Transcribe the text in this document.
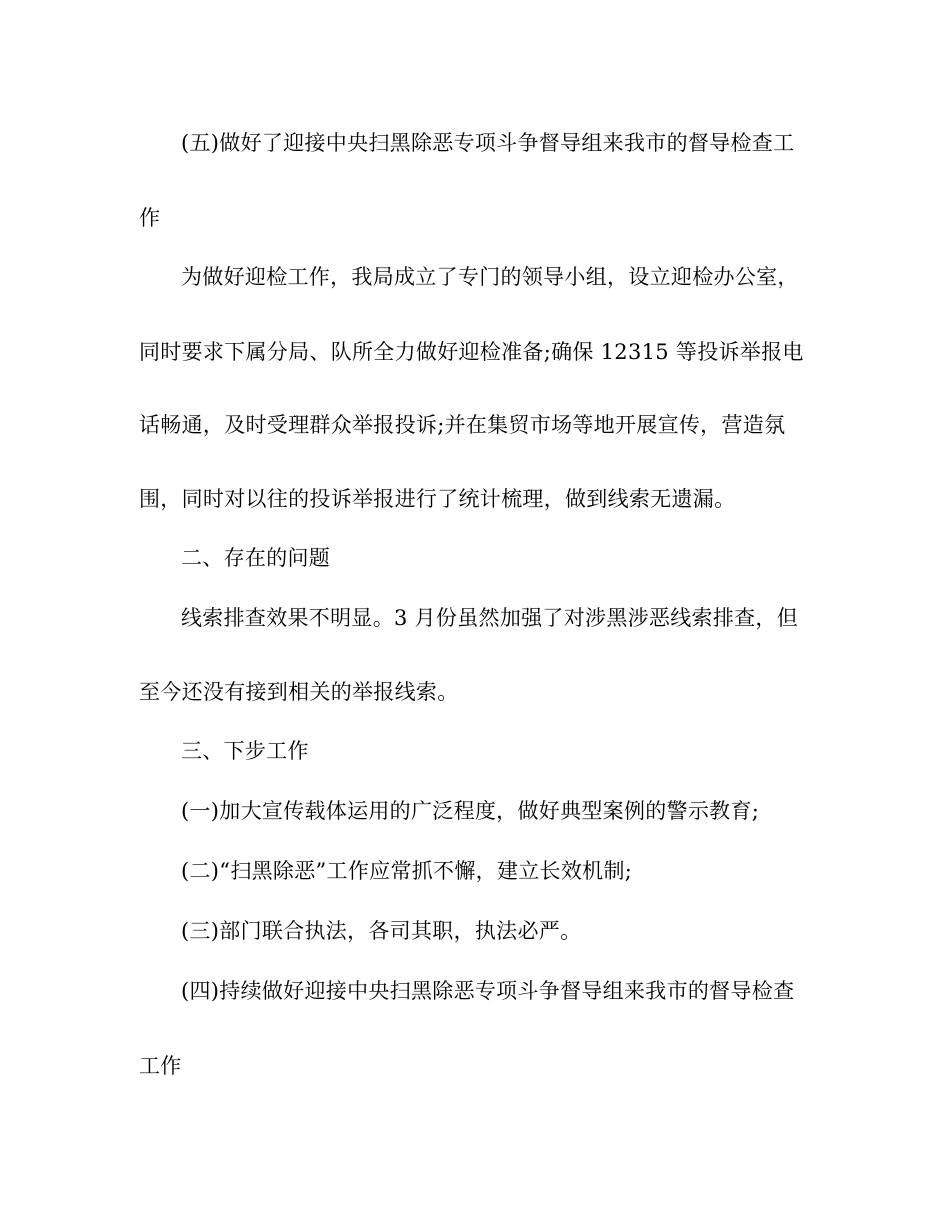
(五)做好了迎接中央扫黑除恶专项斗争督导组来我市的督导检查工
作
为做好迎检工作，我局成立了专门的领导小组，设立迎检办公室，
同时要求下属分局、队所全力做好迎检准备;确保 12315 等投诉举报电
话畅通，及时受理群众举报投诉;并在集贸市场等地开展宣传，营造氛
围，同时对以往的投诉举报进行了统计梳理，做到线索无遗漏。
二、存在的问题
线索排查效果不明显。3 月份虽然加强了对涉黑涉恶线索排查，但
至今还没有接到相关的举报线索。
三、下步工作
(一)加大宣传载体运用的广泛程度，做好典型案例的警示教育;
(二)“扫黑除恶”工作应常抓不懈，建立长效机制;
(三)部门联合执法，各司其职，执法必严。
(四)持续做好迎接中央扫黑除恶专项斗争督导组来我市的督导检查
工作
